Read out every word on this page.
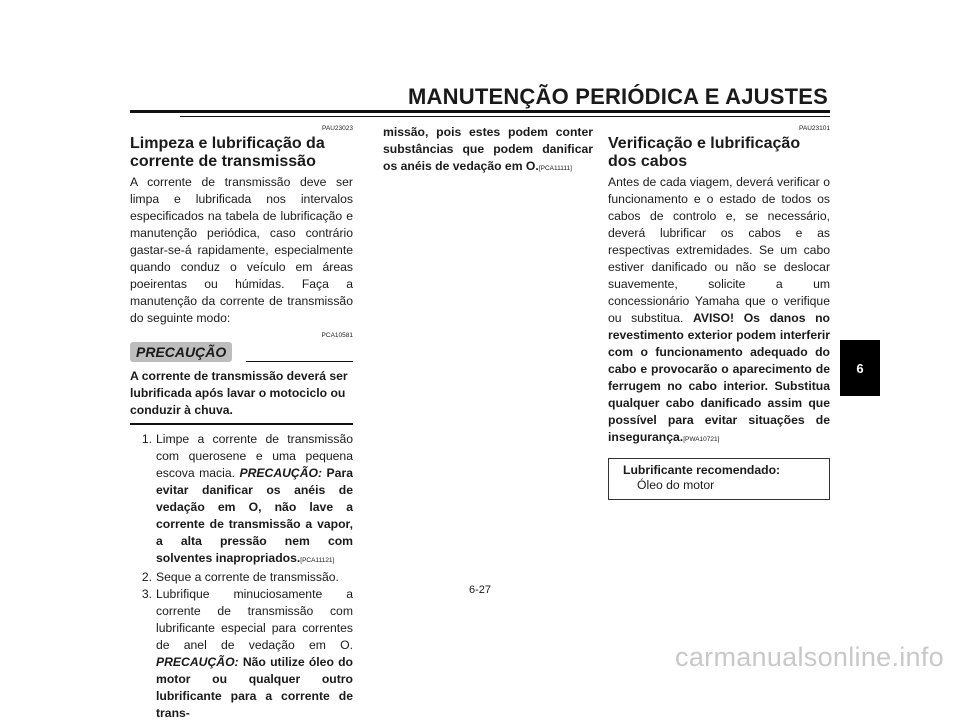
MANUTENÇÃO PERIÓDICA E AJUSTES
PAU23023
Limpeza e lubrificação da corrente de transmissão

A corrente de transmissão deve ser limpa e lubrificada nos intervalos especificados na tabela de lubrificação e manutenção periódica, caso contrário gastar-se-á rapidamente, especialmente quando conduz o veículo em áreas poeirentas ou húmidas. Faça a manutenção da corrente de transmissão do seguinte modo:

PCA10581
PRECAUÇÃO

A corrente de transmissão deverá ser lubrificada após lavar o motociclo ou conduzir à chuva.

1. Limpe a corrente de transmissão com querosene e uma pequena escova macia. PRECAUÇÃO: Para evitar danificar os anéis de vedação em O, não lave a corrente de transmissão a vapor, a alta pressão nem com solventes inapropriados.[PCA11121]
2. Seque a corrente de transmissão.
3. Lubrifique minuciosamente a corrente de transmissão com lubrificante especial para correntes de anel de vedação em O. PRECAUÇÃO: Não utilize óleo do motor ou qualquer outro lubrificante para a corrente de trans-

missão, pois estes podem conter substâncias que podem danificar os anéis de vedação em O.[PCA11111]

PAU23101
Verificação e lubrificação dos cabos

Antes de cada viagem, deverá verificar o funcionamento e o estado de todos os cabos de controlo e, se necessário, deverá lubrificar os cabos e as respectivas extremidades. Se um cabo estiver danificado ou não se deslocar suavemente, solicite a um concessionário Yamaha que o verifique ou substitua. AVISO! Os danos no revestimento exterior podem interferir com o funcionamento adequado do cabo e provocarão o aparecimento de ferrugem no cabo interior. Substitua qualquer cabo danificado assim que possível para evitar situações de insegurança.[PWA10721]

Lubrificante recomendado:
Óleo do motor
6
6-27
carmanualsonline.info
